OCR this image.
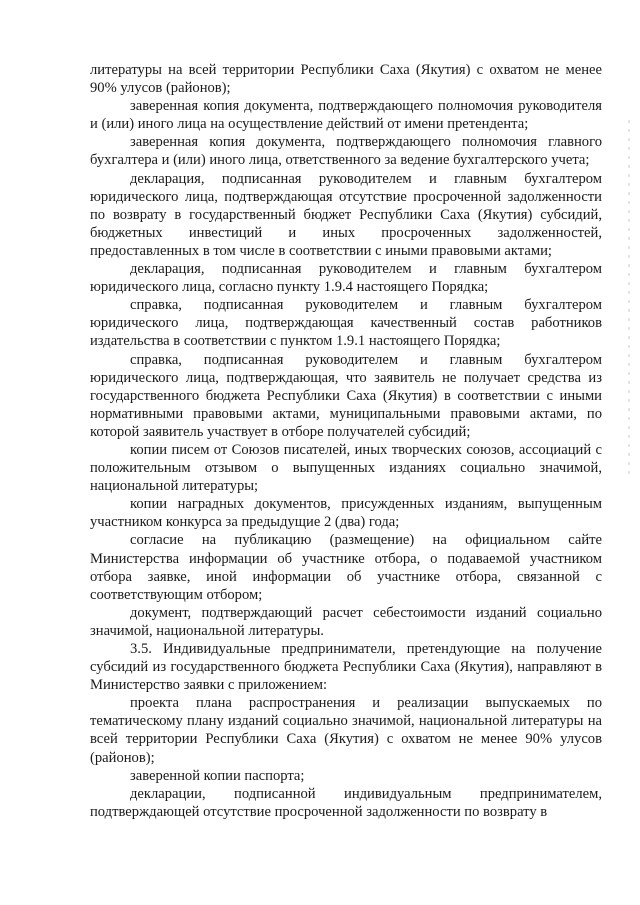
литературы на всей территории Республики Саха (Якутия) с охватом не менее 90% улусов (районов);

заверенная копия документа, подтверждающего полномочия руководителя и (или) иного лица на осуществление действий от имени претендента;

заверенная копия документа, подтверждающего полномочия главного бухгалтера и (или) иного лица, ответственного за ведение бухгалтерского учета;

декларация, подписанная руководителем и главным бухгалтером юридического лица, подтверждающая отсутствие просроченной задолженности по возврату в государственный бюджет Республики Саха (Якутия) субсидий, бюджетных инвестиций и иных просроченных задолженностей, предоставленных в том числе в соответствии с иными правовыми актами;

декларация, подписанная руководителем и главным бухгалтером юридического лица, согласно пункту 1.9.4 настоящего Порядка;

справка, подписанная руководителем и главным бухгалтером юридического лица, подтверждающая качественный состав работников издательства в соответствии с пунктом 1.9.1 настоящего Порядка;

справка, подписанная руководителем и главным бухгалтером юридического лица, подтверждающая, что заявитель не получает средства из государственного бюджета Республики Саха (Якутия) в соответствии с иными нормативными правовыми актами, муниципальными правовыми актами, по которой заявитель участвует в отборе получателей субсидий;

копии писем от Союзов писателей, иных творческих союзов, ассоциаций с положительным отзывом о выпущенных изданиях социально значимой, национальной литературы;

копии наградных документов, присужденных изданиям, выпущенным участником конкурса за предыдущие 2 (два) года;

согласие на публикацию (размещение) на официальном сайте Министерства информации об участнике отбора, о подаваемой участником отбора заявке, иной информации об участнике отбора, связанной с соответствующим отбором;

документ, подтверждающий расчет себестоимости изданий социально значимой, национальной литературы.

3.5. Индивидуальные предприниматели, претендующие на получение субсидий из государственного бюджета Республики Саха (Якутия), направляют в Министерство заявки с приложением:

проекта плана распространения и реализации выпускаемых по тематическому плану изданий социально значимой, национальной литературы на всей территории Республики Саха (Якутия) с охватом не менее 90% улусов (районов);

заверенной копии паспорта;

декларации, подписанной индивидуальным предпринимателем, подтверждающей отсутствие просроченной задолженности по возврату в
